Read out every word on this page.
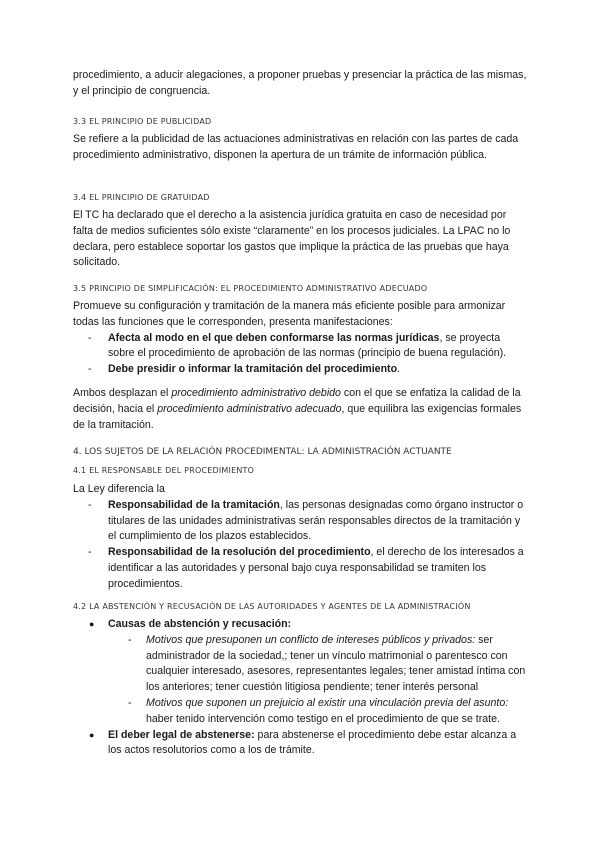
procedimiento, a aducir alegaciones, a proponer pruebas y presenciar la práctica de las mismas, y el principio de congruencia.

3.3 EL PRINCIPIO DE PUBLICIDAD

Se refiere a la publicidad de las actuaciones administrativas en relación con las partes de cada procedimiento administrativo, disponen la apertura de un trámite de información pública.

3.4 EL PRINCIPIO DE GRATUIDAD

El TC ha declarado que el derecho a la asistencia jurídica gratuita en caso de necesidad por falta de medios suficientes sólo existe “claramente” en los procesos judiciales. La LPAC no lo declara, pero establece soportar los gastos que implique la práctica de las pruebas que haya solicitado.

3.5 PRINCIPIO DE SIMPLIFICACIÓN: EL PROCEDIMIENTO ADMINISTRATIVO ADECUADO

Promueve su configuración y tramitación de la manera más eficiente posible para armonizar todas las funciones que le corresponden, presenta manifestaciones:

- Afecta al modo en el que deben conformarse las normas jurídicas, se proyecta sobre el procedimiento de aprobación de las normas (principio de buena regulación).
- Debe presidir o informar la tramitación del procedimiento.

Ambos desplazan el procedimiento administrativo debido con el que se enfatiza la calidad de la decisión, hacia el procedimiento administrativo adecuado, que equilibra las exigencias formales de la tramitación.

4. LOS SUJETOS DE LA RELACIÓN PROCEDIMENTAL: LA ADMINISTRACIÓN ACTUANTE
4.1 EL RESPONSABLE DEL PROCEDIMIENTO

La Ley diferencia la

- Responsabilidad de la tramitación, las personas designadas como órgano instructor o titulares de las unidades administrativas serán responsables directos de la tramitación y el cumplimiento de los plazos establecidos.
- Responsabilidad de la resolución del procedimiento, el derecho de los interesados a identificar a las autoridades y personal bajo cuya responsabilidad se tramiten los procedimientos.
4.2 LA ABSTENCIÓN Y RECUSACIÓN DE LAS AUTORIDADES Y AGENTES DE LA ADMINISTRACIÓN
● Causas de abstención y recusación:
- Motivos que presuponen un conflicto de intereses públicos y privados: ser administrador de la sociedad,; tener un vínculo matrimonial o parentesco con cualquier interesado, asesores, representantes legales; tener amistad íntima con los anteriores; tener cuestión litigiosa pendiente; tener interés personal
- Motivos que suponen un prejuicio al existir una vinculación previa del asunto: haber tenido intervención como testigo en el procedimiento de que se trate.
● El deber legal de abstenerse: para abstenerse el procedimiento debe estar alcanza a los actos resolutorios como a los de trámite.
